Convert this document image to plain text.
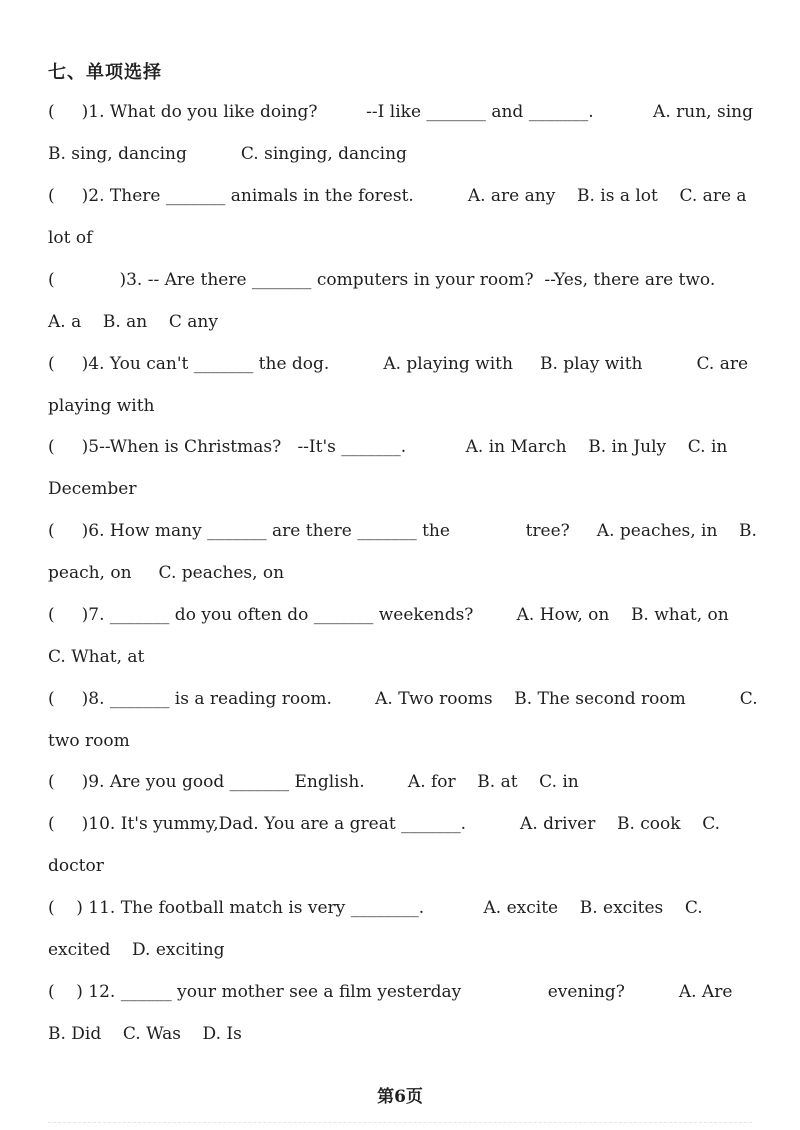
七、单项选择
(     )1. What do you like doing?         --I like _______ and _______.           A. run, sing    B. sing, dancing          C. singing, dancing
(     )2. There _______ animals in the forest.          A. are any    B. is a lot    C. are a lot of
(            )3. -- Are there _______ computers in your room?  --Yes, there are two.         A. a    B. an    C any
(     )4. You can't _______ the dog.          A. playing with     B. play with          C. are playing with
(     )5--When is Christmas?   --It's _______.           A. in March    B. in July    C. in December
(     )6. How many _______ are there _______ the              tree?     A. peaches, in    B. peach, on     C. peaches, on
(     )7. _______ do you often do _______ weekends?        A. How, on    B. what, on    C. What, at
(     )8. _______ is a reading room.        A. Two rooms    B. The second room          C. two room
(     )9. Are you good _______ English.        A. for    B. at    C. in
(     )10. It's yummy,Dad. You are a great _______.          A. driver    B. cook    C. doctor
(    ) 11. The football match is very ________.           A. excite    B. excites    C. excited    D. exciting
(    ) 12. ______ your mother see a film yesterday                evening?          A. Are    B. Did    C. Was    D. Is
第6页
